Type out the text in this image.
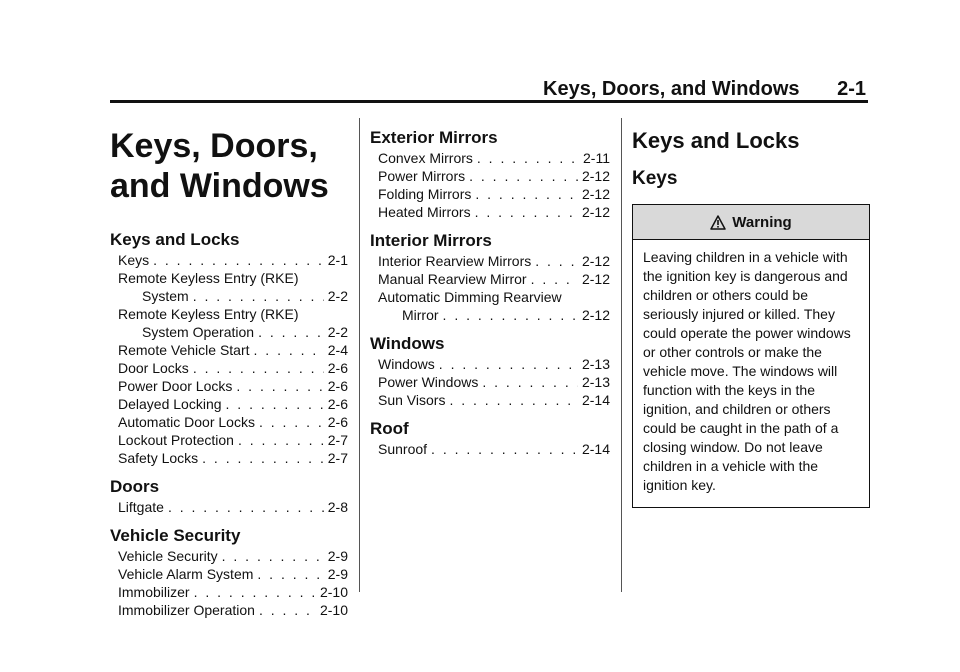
Keys, Doors, and Windows 2-1
Keys, Doors, and Windows
Keys and Locks
Keys . . .	2-1
Remote Keyless Entry (RKE)
System . . .	2-2
Remote Keyless Entry (RKE)
System Operation . . .	2-2
Remote Vehicle Start . . .	2-4
Door Locks . . .	2-6
Power Door Locks . . .	2-6
Delayed Locking . . .	2-6
Automatic Door Locks . . .	2-6
Lockout Protection . . .	2-7
Safety Locks . . .	2-7
Doors
Liftgate . . .	2-8
Vehicle Security
Vehicle Security . . .	2-9
Vehicle Alarm System . . .	2-9
Immobilizer . . .	2-10
Immobilizer Operation . . .	2-10
Exterior Mirrors
Convex Mirrors . . .	2-11
Power Mirrors . . .	2-12
Folding Mirrors . . .	2-12
Heated Mirrors . . .	2-12
Interior Mirrors
Interior Rearview Mirrors . . .	2-12
Manual Rearview Mirror . . .	2-12
Automatic Dimming Rearview
Mirror . . .	2-12
Windows
Windows . . .	2-13
Power Windows . . .	2-13
Sun Visors . . .	2-14
Roof
Sunroof . . .	2-14
Keys and Locks
Keys
Warning
Leaving children in a vehicle with the ignition key is dangerous and children or others could be seriously injured or killed. They could operate the power windows or other controls or make the vehicle move. The windows will function with the keys in the ignition, and children or others could be caught in the path of a closing window. Do not leave children in a vehicle with the ignition key.
